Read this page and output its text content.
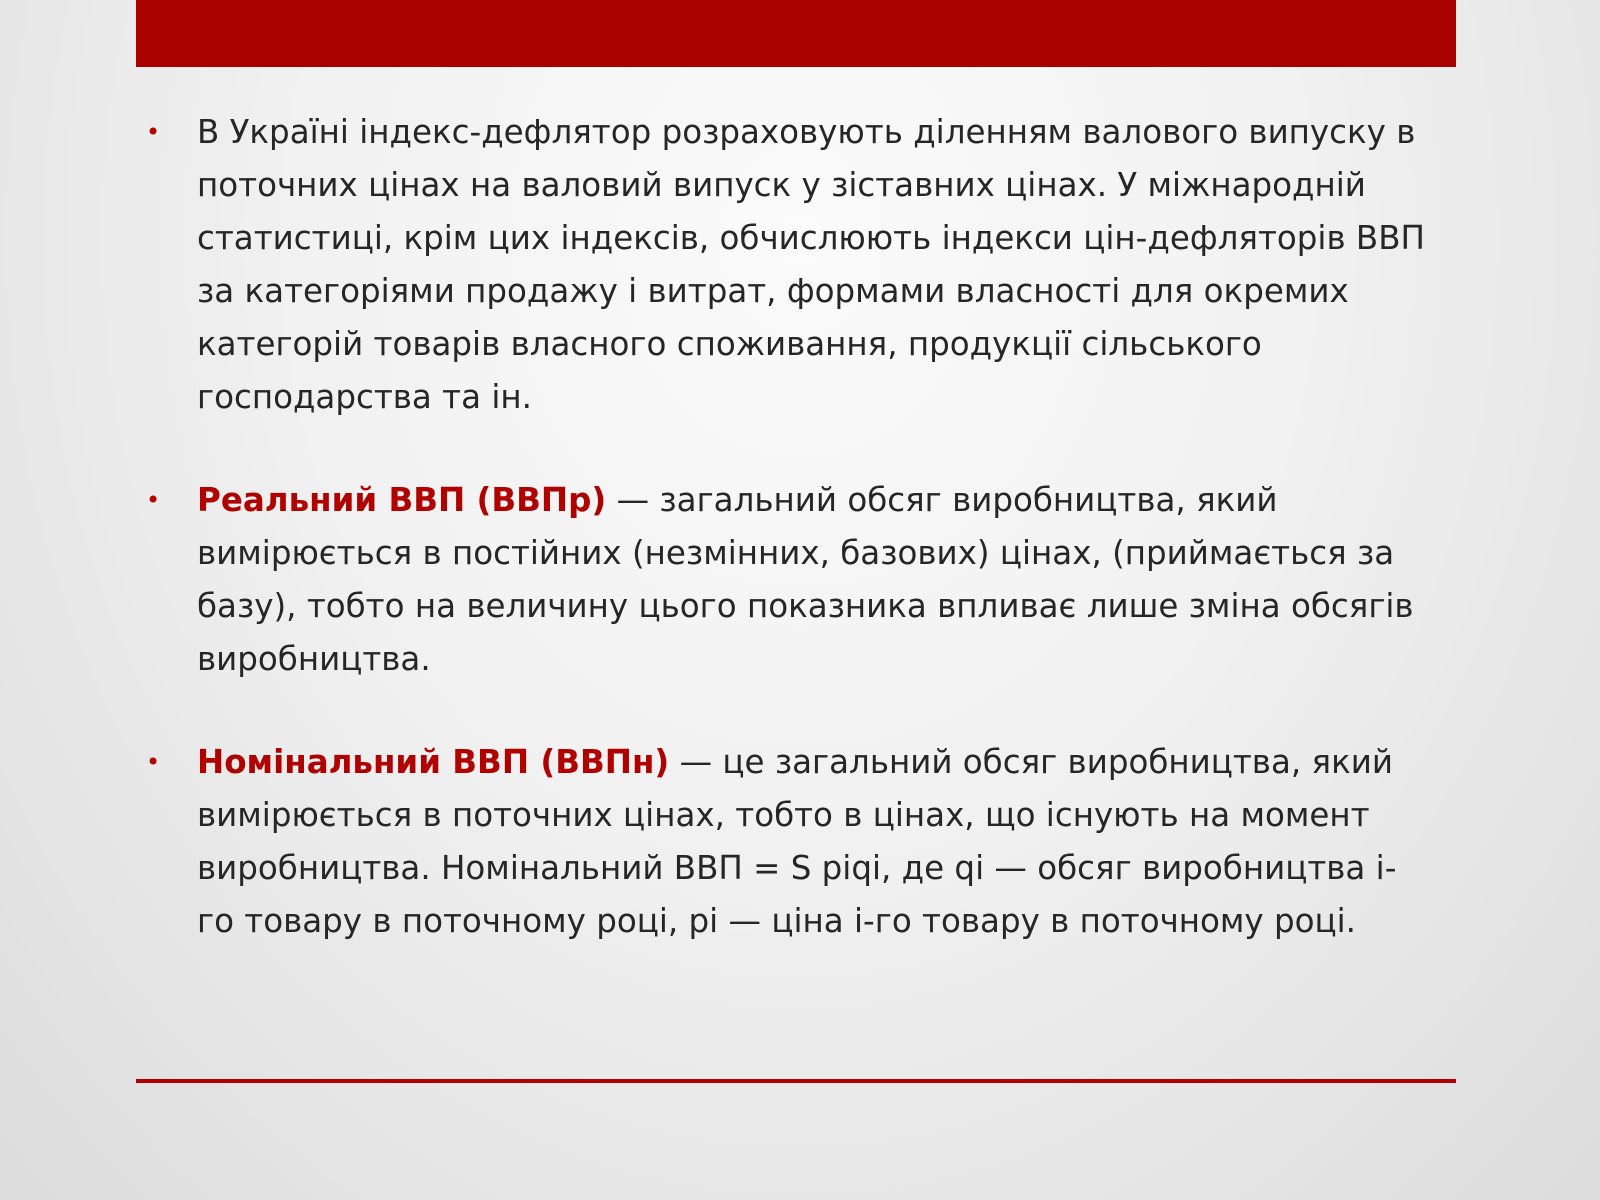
• В Україні індекс-дефлятор розраховують діленням валового випуску в поточних цінах на валовий випуск у зіставних цінах. У міжнародній статистиці, крім цих індексів, обчислюють індекси цін-дефляторів ВВП за категоріями продажу і витрат, формами власності для окремих категорій товарів власного споживання, продукції сільського господарства та ін.
• Реальний ВВП (ВВПр) — загальний обсяг виробництва, який вимірюється в постійних (незмінних, базових) цінах, (приймається за базу), тобто на величину цього показника впливає лише зміна обсягів виробництва.
• Номінальний ВВП (ВВПн) — це загальний обсяг виробництва, який вимірюється в поточних цінах, тобто в цінах, що існують на момент виробництва. Номінальний ВВП = S piqi, де qi — обсяг виробництва i-го товару в поточному році, pi — ціна i-го товару в поточному році.
